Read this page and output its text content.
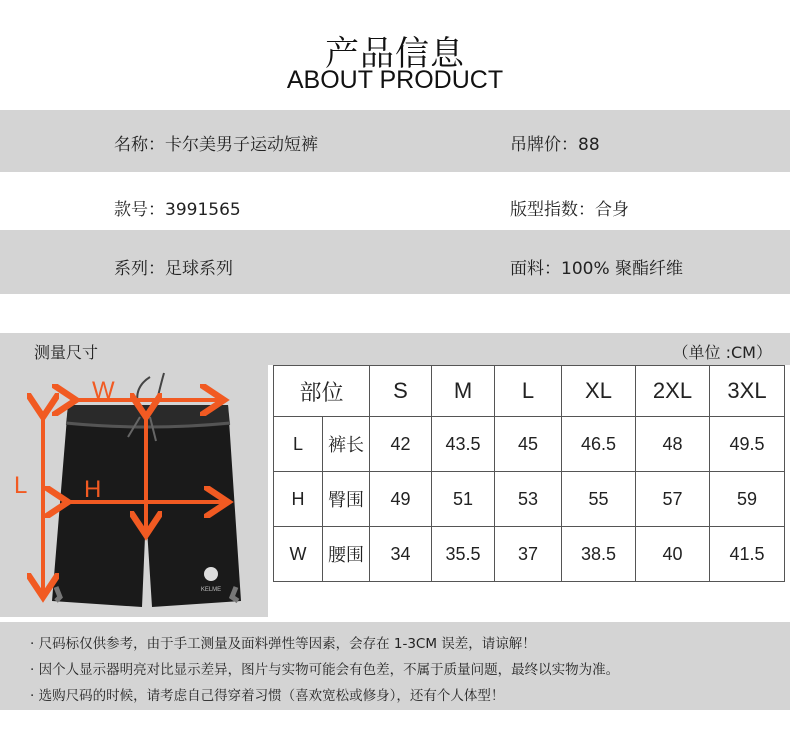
产品信息
ABOUT PRODUCT
名称：卡尔美男子运动短裤	吊牌价：88
款号：3991565	版型指数：合身
系列：足球系列	面料：100% 聚酯纤维
测量尺寸	（单位 :CM）
KELME
W
L H
部位		S	M	L	XL	2XL	3XL
L	裤长	42	43.5	45	46.5	48	49.5
H	臀围	49	51	53	55	57	59
W	腰围	34	35.5	37	38.5	40	41.5
· 尺码标仅供参考，由于手工测量及面料弹性等因素，会存在 1-3CM 误差，请谅解！
· 因个人显示器明亮对比显示差异，图片与实物可能会有色差，不属于质量问题，最终以实物为准。
· 选购尺码的时候，请考虑自己得穿着习惯（喜欢宽松或修身），还有个人体型！
